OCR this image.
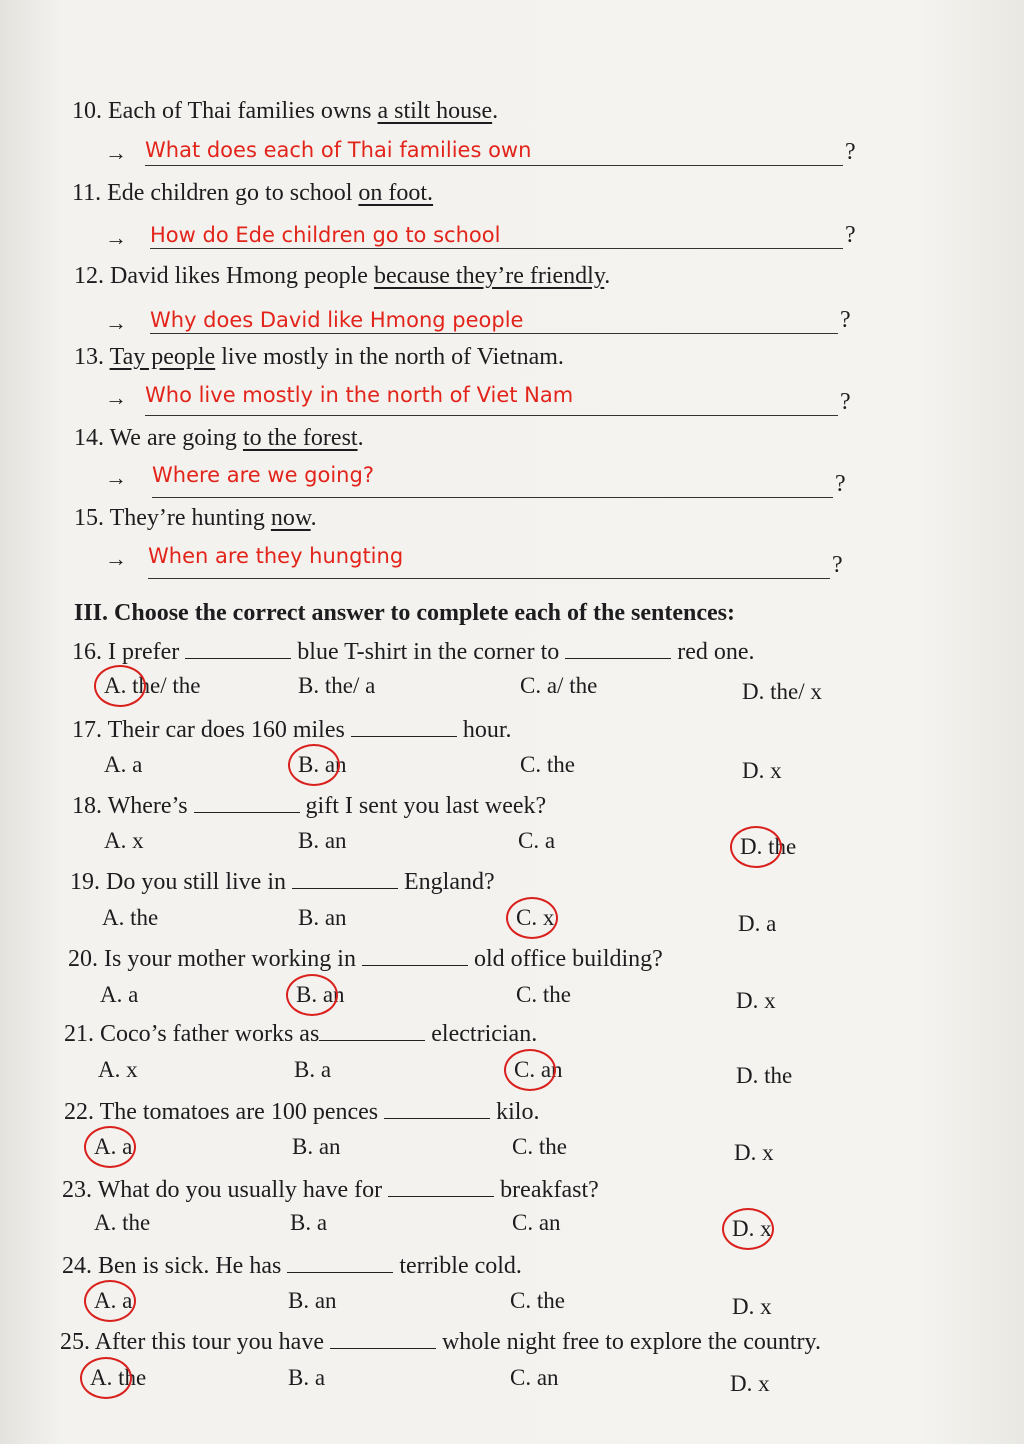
10. Each of Thai families owns a stilt house.
→ What does each of Thai families own	?
11. Ede children go to school on foot.
→ How do Ede children go to school	?
12. David likes Hmong people because they’re friendly.
→ Why does David like Hmong people	?
13. Tay people live mostly in the north of Vietnam.
→ Who live mostly in the north of Viet Nam	?
14. We are going to the forest.
→ Where are we going?	?
15. They’re hunting now.
→ When are they hungting	?
III. Choose the correct answer to complete each of the sentences:
16. I prefer	blue T-shirt in the corner to	red one.
A. the/ the	B. the/ a	C. a/ the	D. the/ x
17. Their car does 160 miles	hour.
A. a	B. an	C. the	D. x
18. Where’s	gift I sent you last week?
A. x	B. an	C. a	D. the
19. Do you still live in	England?
A. the	B. an	C. x	D. a
20. Is your mother working in	old office building?
A. a	B. an	C. the	D. x
21. Coco’s father works as	electrician.
A. x	B. a	C. an	D. the
22. The tomatoes are 100 pences	kilo.
A. a	B. an	C. the	D. x
23. What do you usually have for	breakfast?
A. the	B. a	C. an	D. x
24. Ben is sick. He has	terrible cold.
A. a	B. an	C. the	D. x
25. After this tour you have	whole night free to explore the country.
A. the	B. a	C. an	D. x
